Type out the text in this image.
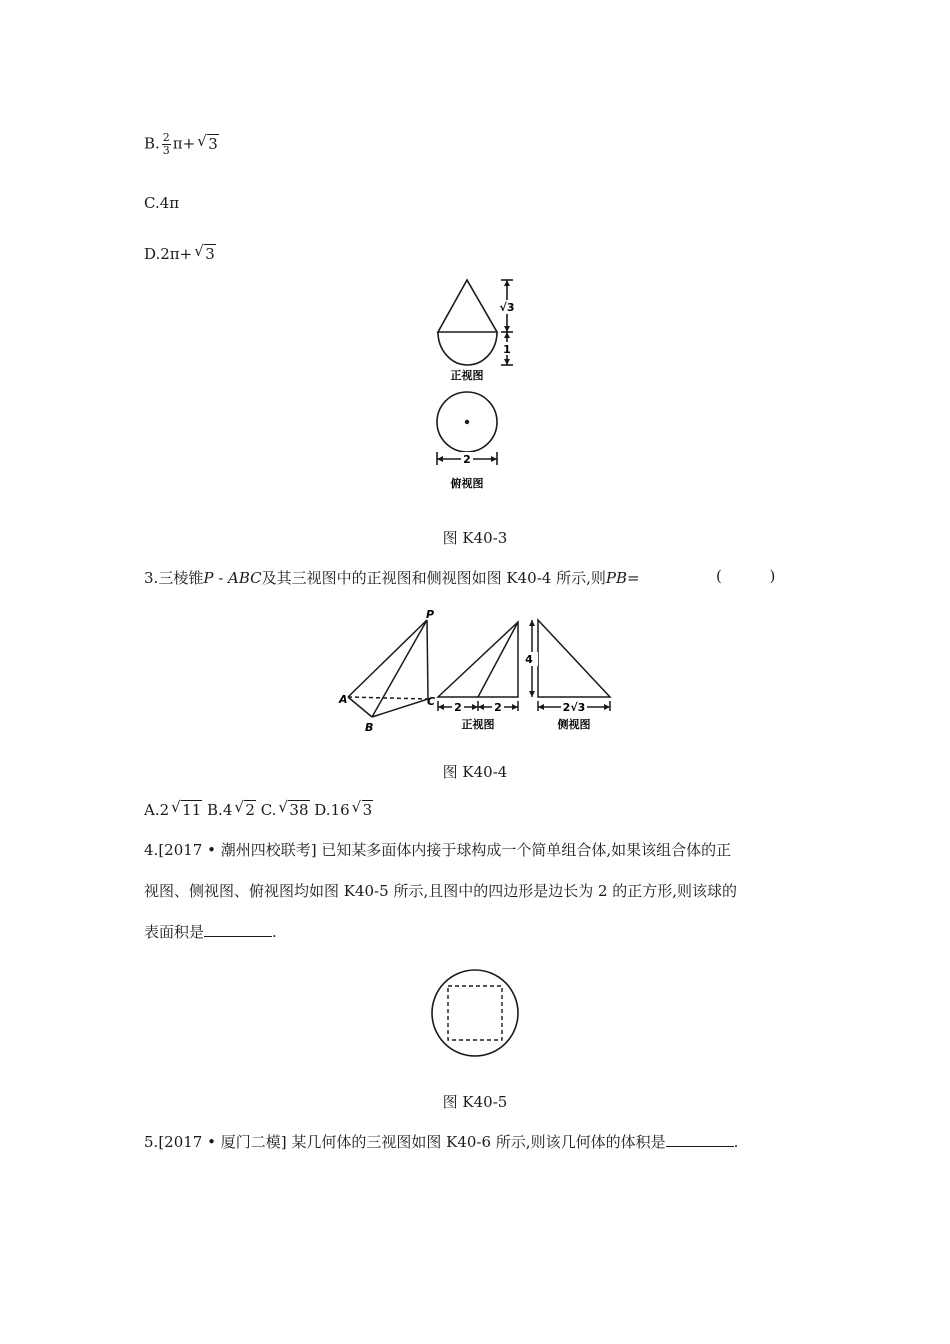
B. $\frac{2}{3} \pi+√$ 3
C.4π
D.2π+√ 3
√3
1
正视图
2
俯视图
图 K40-3
3.三棱锥P - ABC及其三视图中的正视图和侧视图如图 K40-4 所示,则PB=	(          )
P
A
B
C 2	2
4
2√3
正视图	侧视图
图 K40-4
A.2√ 11 B.4√ 2 C.√ 38 D.16√ 3
4.[2017 • 潮州四校联考] 已知某多面体内接于球构成一个简单组合体,如果该组合体的正
视图、侧视图、俯视图均如图 K40-5 所示,且图中的四边形是边长为 2 的正方形,则该球的
表面积是	.
图 K40-5
5.[2017 • 厦门二模] 某几何体的三视图如图 K40-6 所示,则该几何体的体积是	.
